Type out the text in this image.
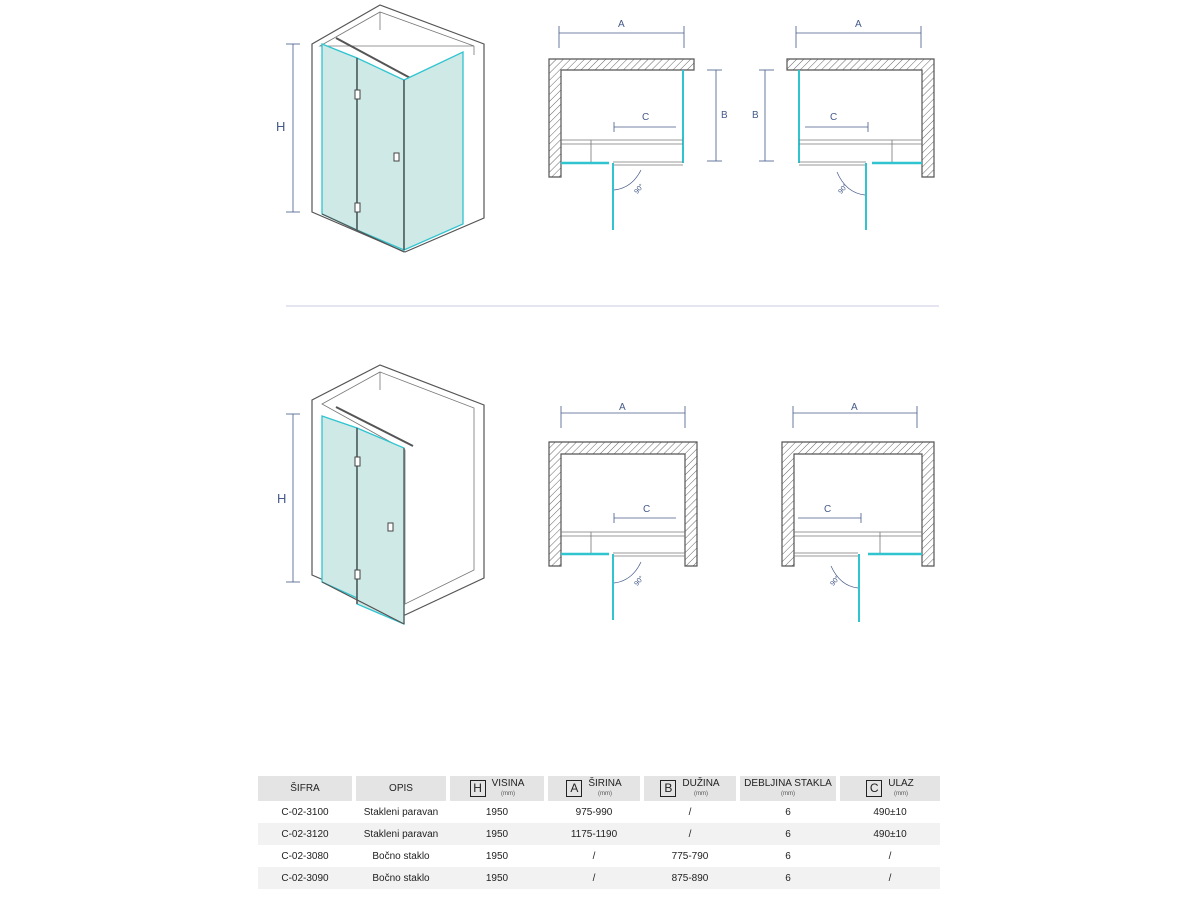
H
A
90°
C	B
A
90°
C
B
H
A
90°
C
A
90°
C
ŠIFRA		OPIS		H VISINA
(mm)		A ŠIRINA
(mm)		B DUŽINA
(mm)		DEBLJINA STAKLA
(mm)		C ULAZ
(mm)

C-02-3100		Stakleni paravan		1950		975-990		/		6		490±10
C-02-3120		Stakleni paravan		1950		1175-1190		/		6		490±10
C-02-3080		Bočno staklo		1950		/		775-790		6		/
C-02-3090		Bočno staklo		1950		/		875-890		6		/
